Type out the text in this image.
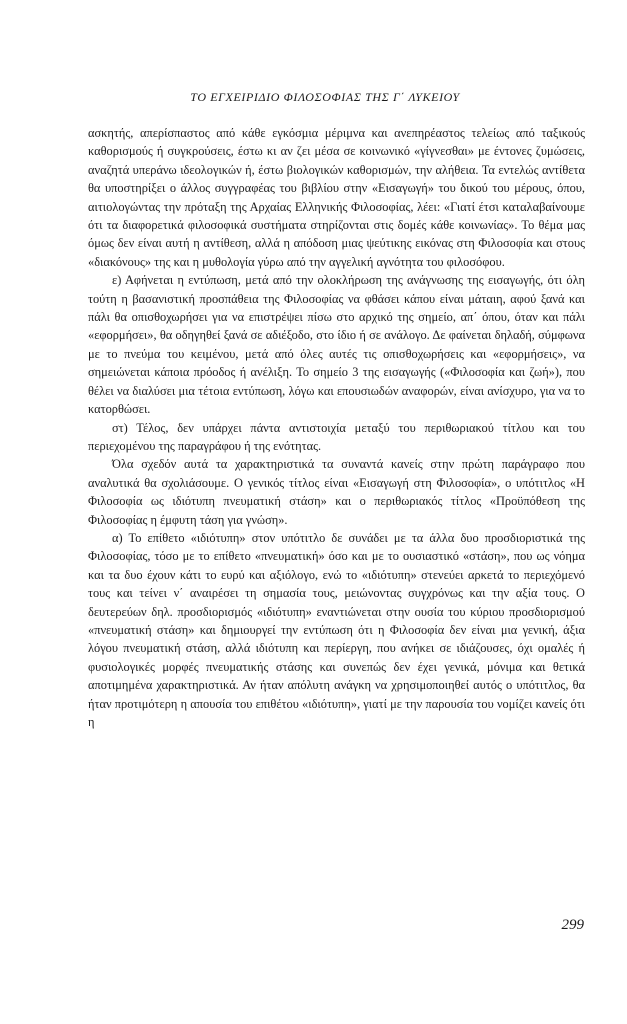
ΤΟ ΕΓΧΕΙΡΙΔΙΟ ΦΙΛΟΣΟΦΙΑΣ ΤΗΣ Γ΄ ΛΥΚΕΙΟΥ

ασκητής, απερίσπαστος από κάθε εγκόσμια μέριμνα και ανεπηρέαστος τελείως από ταξικούς καθορισμούς ή συγκρούσεις, έστω κι αν ζει μέσα σε κοινωνικό «γίγνεσθαι» με έντονες ζυμώσεις, αναζητά υπεράνω ιδεολογικών ή, έστω βιολογικών καθορισμών, την αλήθεια. Τα εντελώς αντίθετα θα υποστηρίξει ο άλλος συγγραφέας του βιβλίου στην «Εισαγωγή» του δικού του μέρους, όπου, αιτιολογώντας την πρόταξη της Αρχαίας Ελληνικής Φιλοσοφίας, λέει: «Γιατί έτσι καταλαβαίνουμε ότι τα διαφορετικά φιλοσοφικά συστήματα στηρίζονται στις δομές κάθε κοινωνίας». Το θέμα μας όμως δεν είναι αυτή η αντίθεση, αλλά η απόδοση μιας ψεύτικης εικόνας στη Φιλοσοφία και στους «διακόνους» της και η μυθολογία γύρω από την αγγελική αγνότητα του φιλοσόφου.

ε) Αφήνεται η εντύπωση, μετά από την ολοκλήρωση της ανάγνωσης της εισαγωγής, ότι όλη τούτη η βασανιστική προσπάθεια της Φιλοσοφίας να φθάσει κάπου είναι μάταιη, αφού ξανά και πάλι θα οπισθοχωρήσει για να επιστρέψει πίσω στο αρχικό της σημείο, απ΄ όπου, όταν και πάλι «εφορμήσει», θα οδηγηθεί ξανά σε αδιέξοδο, στο ίδιο ή σε ανάλογο. Δε φαίνεται δηλαδή, σύμφωνα με το πνεύμα του κειμένου, μετά από όλες αυτές τις οπισθοχωρήσεις και «εφορμήσεις», να σημειώνεται κάποια πρόοδος ή ανέλιξη. Το σημείο 3 της εισαγωγής («Φιλοσοφία και ζωή»), που θέλει να διαλύσει μια τέτοια εντύπωση, λόγω και επουσιωδών αναφορών, είναι ανίσχυρο, για να το κατορθώσει.

στ) Τέλος, δεν υπάρχει πάντα αντιστοιχία μεταξύ του περιθωριακού τίτλου και του περιεχομένου της παραγράφου ή της ενότητας.

Όλα σχεδόν αυτά τα χαρακτηριστικά τα συναντά κανείς στην πρώτη παράγραφο που αναλυτικά θα σχολιάσουμε. Ο γενικός τίτλος είναι «Εισαγωγή στη Φιλοσοφία», ο υπότιτλος «Η Φιλοσοφία ως ιδιότυπη πνευματική στάση» και ο περιθωριακός τίτλος «Προϋπόθεση της Φιλοσοφίας η έμφυτη τάση για γνώση».

α) Το επίθετο «ιδιότυπη» στον υπότιτλο δε συνάδει με τα άλλα δυο προσδιοριστικά της Φιλοσοφίας, τόσο με το επίθετο «πνευματική» όσο και με το ουσιαστικό «στάση», που ως νόημα και τα δυο έχουν κάτι το ευρύ και αξιόλογο, ενώ το «ιδιότυπη» στενεύει αρκετά το περιεχόμενό τους και τείνει ν΄ αναιρέσει τη σημασία τους, μειώνοντας συγχρόνως και την αξία τους. Ο δευτερεύων δηλ. προσδιορισμός «ιδιότυπη» εναντιώνεται στην ουσία του κύριου προσδιορισμού «πνευματική στάση» και δημιουργεί την εντύπωση ότι η Φιλοσοφία δεν είναι μια γενική, άξια λόγου πνευματική στάση, αλλά ιδιότυπη και περίεργη, που ανήκει σε ιδιάζουσες, όχι ομαλές ή φυσιολογικές μορφές πνευματικής στάσης και συνεπώς δεν έχει γενικά, μόνιμα και θετικά αποτιμημένα χαρακτηριστικά. Αν ήταν απόλυτη ανάγκη να χρησιμοποιηθεί αυτός ο υπότιτλος, θα ήταν προτιμότερη η απουσία του επιθέτου «ιδιότυπη», γιατί με την παρουσία του νομίζει κανείς ότι η

299
